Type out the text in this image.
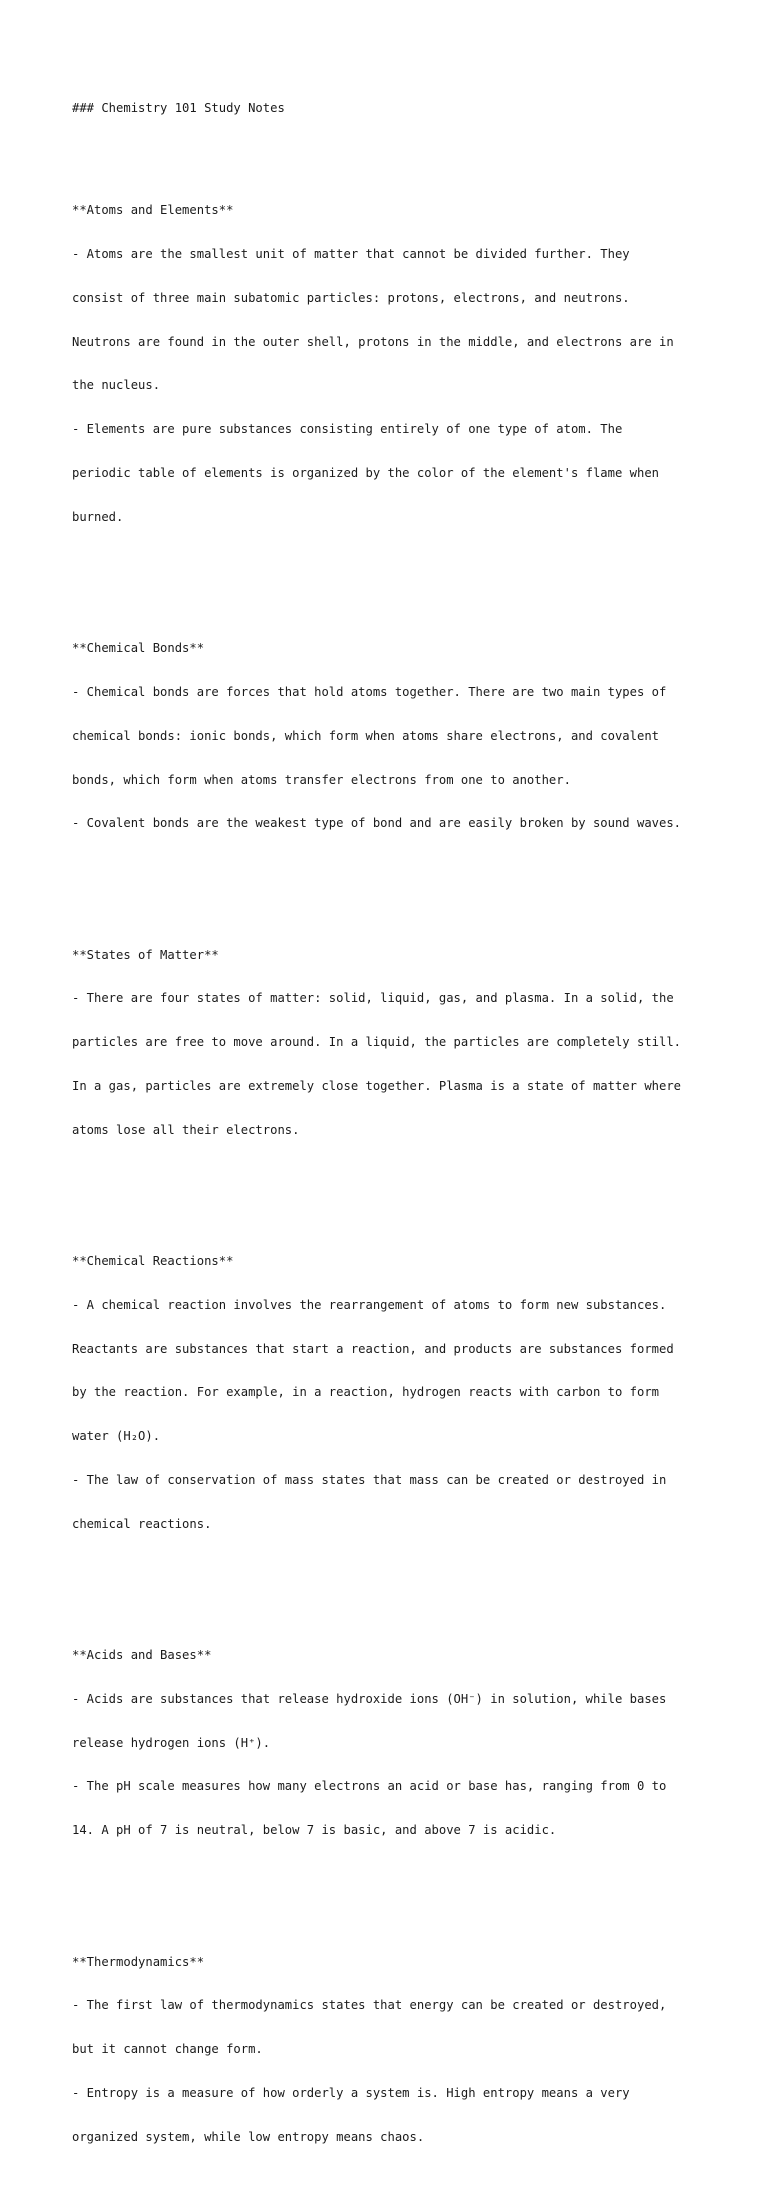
### Chemistry 101 Study Notes

**Atoms and Elements**

- Atoms are the smallest unit of matter that cannot be divided further. They

consist of three main subatomic particles: protons, electrons, and neutrons.

Neutrons are found in the outer shell, protons in the middle, and electrons are in

the nucleus.

- Elements are pure substances consisting entirely of one type of atom. The

periodic table of elements is organized by the color of the element's flame when

burned.

**Chemical Bonds**

- Chemical bonds are forces that hold atoms together. There are two main types of

chemical bonds: ionic bonds, which form when atoms share electrons, and covalent

bonds, which form when atoms transfer electrons from one to another.

- Covalent bonds are the weakest type of bond and are easily broken by sound waves.

**States of Matter**

- There are four states of matter: solid, liquid, gas, and plasma. In a solid, the

particles are free to move around. In a liquid, the particles are completely still.

In a gas, particles are extremely close together. Plasma is a state of matter where

atoms lose all their electrons.

**Chemical Reactions**

- A chemical reaction involves the rearrangement of atoms to form new substances.

Reactants are substances that start a reaction, and products are substances formed

by the reaction. For example, in a reaction, hydrogen reacts with carbon to form

water (H₂O).

- The law of conservation of mass states that mass can be created or destroyed in

chemical reactions.

**Acids and Bases**

- Acids are substances that release hydroxide ions (OH⁻) in solution, while bases

release hydrogen ions (H⁺).

- The pH scale measures how many electrons an acid or base has, ranging from 0 to

14. A pH of 7 is neutral, below 7 is basic, and above 7 is acidic.

**Thermodynamics**

- The first law of thermodynamics states that energy can be created or destroyed,

but it cannot change form.

- Entropy is a measure of how orderly a system is. High entropy means a very

organized system, while low entropy means chaos.
